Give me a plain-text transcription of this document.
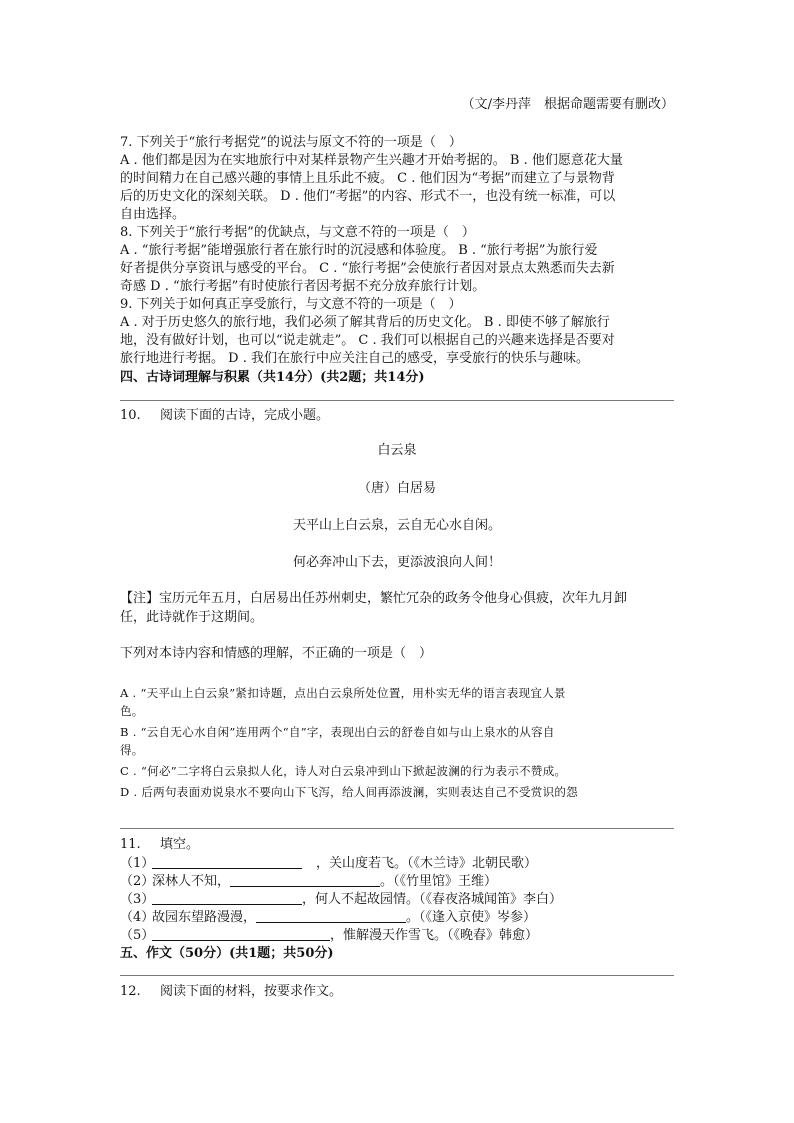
（文/李丹萍　根据命题需要有删改）
7. 下列关于“旅行考据党”的说法与原文不符的一项是（　）
A . 他们都是因为在实地旅行中对某样景物产生兴趣才开始考据的。 B . 他们愿意花大量
的时间精力在自己感兴趣的事情上且乐此不疲。 C . 他们因为“考据”而建立了与景物背
后的历史文化的深刻关联。 D . 他们“考据”的内容、形式不一，也没有统一标准，可以
自由选择。
8. 下列关于“旅行考据”的优缺点，与文意不符的一项是（　）
A . “旅行考据”能增强旅行者在旅行时的沉浸感和体验度。 B . “旅行考据”为旅行爱
好者提供分享资讯与感受的平台。 C . “旅行考据”会使旅行者因对景点太熟悉而失去新
奇感 D . “旅行考据”有时使旅行者因考据不充分放弃旅行计划。
9. 下列关于如何真正享受旅行，与文意不符的一项是（　）
A . 对于历史悠久的旅行地，我们必须了解其背后的历史文化。 B . 即使不够了解旅行
地，没有做好计划，也可以“说走就走”。 C . 我们可以根据自己的兴趣来选择是否要对
旅行地进行考据。 D . 我们在旅行中应关注自己的感受，享受旅行的快乐与趣味。
四、古诗词理解与积累（共14分）(共2题；共14分)
10. 阅读下面的古诗，完成小题。
白云泉
（唐）白居易
天平山上白云泉，云自无心水自闲。
何必奔冲山下去，更添波浪向人间！
【注】宝历元年五月，白居易出任苏州刺史，繁忙冗杂的政务令他身心俱疲，次年九月卸
任，此诗就作于这期间。
下列对本诗内容和情感的理解，不正确的一项是（　）
A . “天平山上白云泉”紧扣诗题，点出白云泉所处位置，用朴实无华的语言表现宜人景
色。
B . “云自无心水自闲”连用两个“自”字，表现出白云的舒卷自如与山上泉水的从容自
得。
C . “何必”二字将白云泉拟人化，诗人对白云泉冲到山下掀起波澜的行为表示不赞成。
D . 后两句表面劝说泉水不要向山下飞泻，给人间再添波澜，实则表达自己不受赏识的怨
11. 填空。
（1）	，关山度若飞。（《木兰诗》北朝民歌）
（2）深林人不知，	。（《竹里馆》王维）
（3）	，何人不起故园情。（《春夜洛城闻笛》李白）
（4）故园东望路漫漫，	。（《逢入京使》岑参）
（5）	，惟解漫天作雪飞。（《晚春》韩愈）
五、作文（50分）(共1题；共50分)
12. 阅读下面的材料，按要求作文。
